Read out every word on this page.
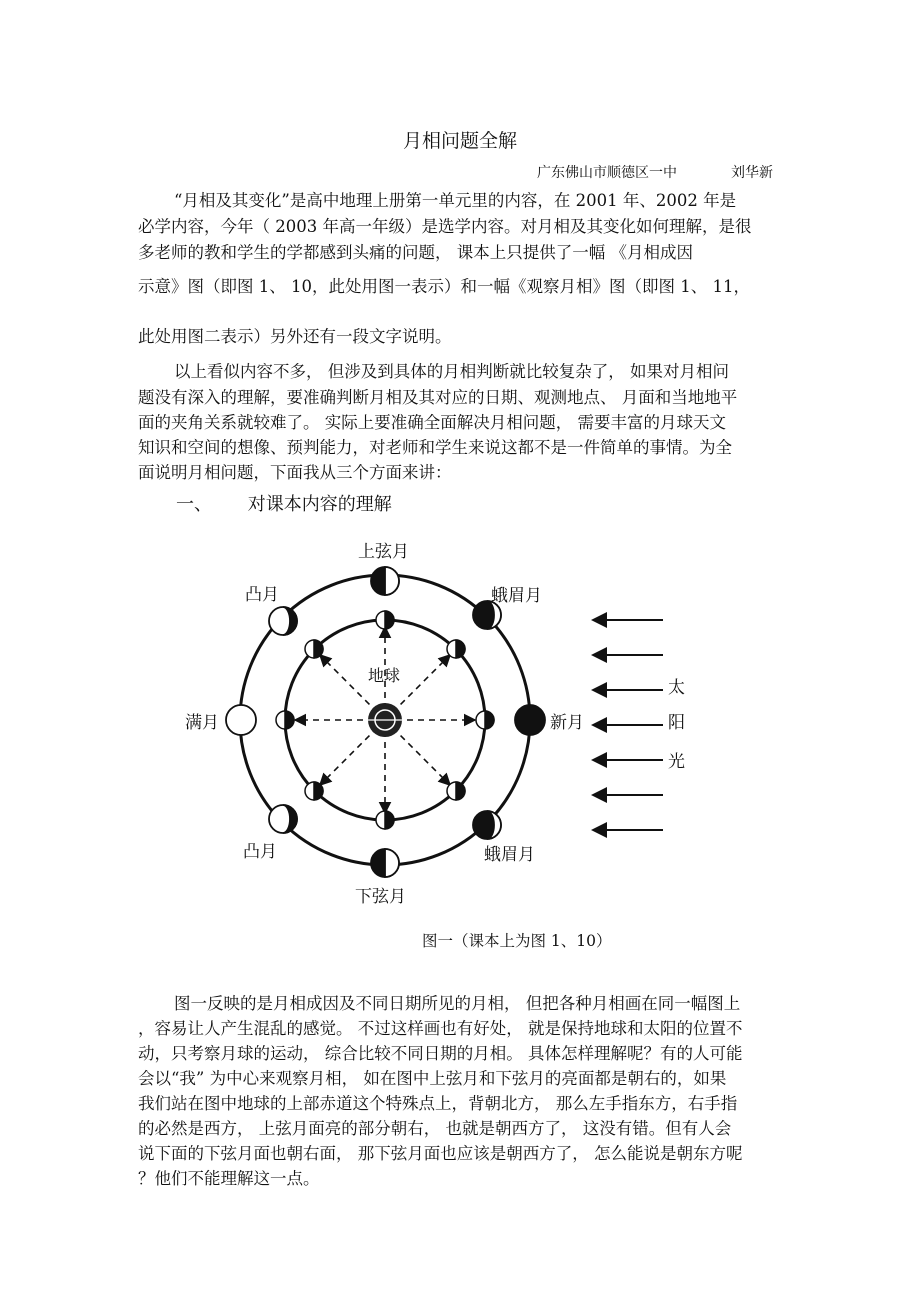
月相问题全解
广东佛山市顺德区一中	刘华新
“月相及其变化”是高中地理上册第一单元里的内容，在 2001 年、2002 年是
必学内容，今年（ 2003 年高一年级）是选学内容。对月相及其变化如何理解，是很
多老师的教和学生的学都感到头痛的问题， 课本上只提供了一幅 《月相成因
示意》图（即图 1、 10，此处用图一表示）和一幅《观察月相》图（即图 1、 11，
此处用图二表示）另外还有一段文字说明。
以上看似内容不多， 但涉及到具体的月相判断就比较复杂了， 如果对月相问
题没有深入的理解，要准确判断月相及其对应的日期、观测地点、 月面和当地地平
面的夹角关系就较难了。 实际上要准确全面解决月相问题， 需要丰富的月球天文
知识和空间的想像、预判能力，对老师和学生来说这都不是一件简单的事情。为全
面说明月相问题，下面我从三个方面来讲：
一、 对课本内容的理解
地球
上弦月
蛾眉月
新月
蛾眉月
下弦月
凸月
满月
凸月
太
阳
光
图一（课本上为图 1、10）
图一反映的是月相成因及不同日期所见的月相， 但把各种月相画在同一幅图上
，容易让人产生混乱的感觉。 不过这样画也有好处， 就是保持地球和太阳的位置不
动，只考察月球的运动， 综合比较不同日期的月相。 具体怎样理解呢？有的人可能
会以“我” 为中心来观察月相， 如在图中上弦月和下弦月的亮面都是朝右的，如果
我们站在图中地球的上部赤道这个特殊点上，背朝北方， 那么左手指东方，右手指
的必然是西方， 上弦月面亮的部分朝右， 也就是朝西方了， 这没有错。但有人会
说下面的下弦月面也朝右面， 那下弦月面也应该是朝西方了， 怎么能说是朝东方呢
？他们不能理解这一点。
